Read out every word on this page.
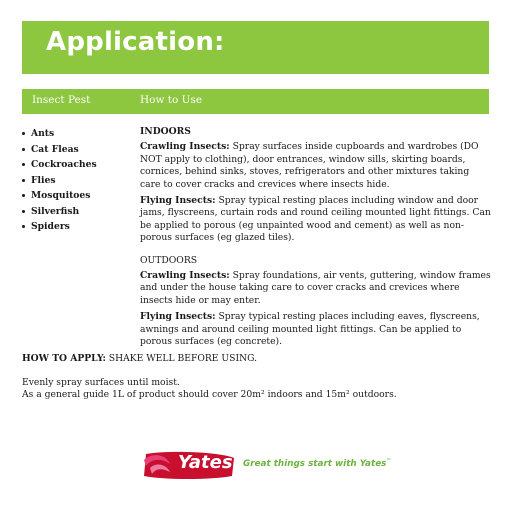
Application:
Insect Pest	How to Use
Ants
Cat Fleas
Cockroaches
Flies
Mosquitoes
Silverfish
Spiders

INDOORS

Crawling Insects: Spray surfaces inside cupboards and wardrobes (DO NOT apply to clothing), door entrances, window sills, skirting boards, cornices, behind sinks, stoves, refrigerators and other mixtures taking care to cover cracks and crevices where insects hide.

Flying Insects: Spray typical resting places including window and door jams, flyscreens, curtain rods and round ceiling mounted light fittings. Can be applied to porous (eg unpainted wood and cement) as well as non-porous surfaces (eg glazed tiles).

OUTDOORS

Crawling Insects: Spray foundations, air vents, guttering, window frames and under the house taking care to cover cracks and crevices where insects hide or may enter.

Flying Insects: Spray typical resting places including eaves, flyscreens, awnings and around ceiling mounted light fittings. Can be applied to porous surfaces (eg concrete).

HOW TO APPLY: SHAKE WELL BEFORE USING.

Evenly spray surfaces until moist.

As a general guide 1L of product should cover 20m² indoors and 15m² outdoors.

Yates Great things start with Yates™
